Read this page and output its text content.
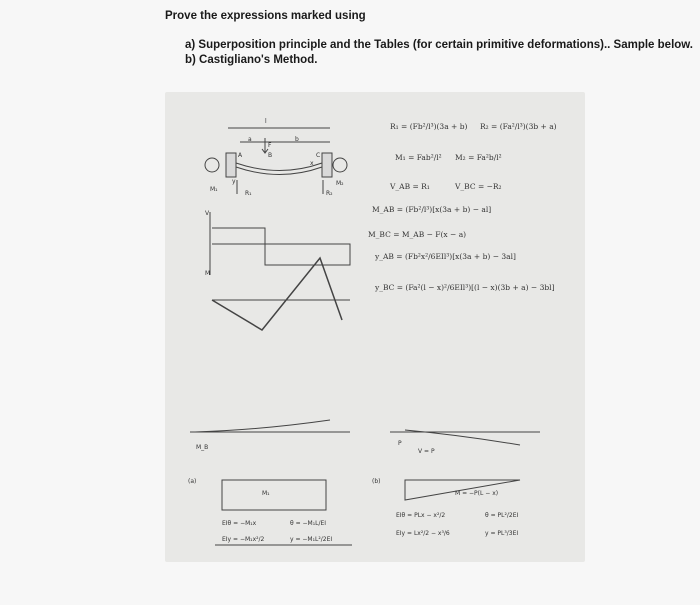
Prove the expressions marked using
a) Superposition principle and the Tables (for certain primitive deformations).. Sample below.
b) Castigliano's Method.
R₁ = (Fb²/l³)(3a + b) R₂ = (Fa²/l³)(3b + a)
M₁ = Fab²/l² M₂ = Fa²b/l²
V_AB = R₁	V_BC = −R₂
M_AB = (Fb²/l³)[x(3a + b) − al]
M_BC = M_AB − F(x − a)
y_AB = (Fb²x²/6EIl³)[x(3a + b) − 3al]
y_BC = (Fa²(l − x)²/6EIl³)[(l − x)(3b + a) − 3bl]
l
a	b
F
A	B	C
M₁
R₁	R₂
M₂
V
M
x
y
(a)	(b)
M_B
V = P
P
M₁
EIθ = −M₁x
EIy = −M₁x²/2
θ = −M₁L/EI
y = −M₁L²/2EI
M = −P(L − x)
EIθ = PLx − x²/2
EIy = Lx²/2 − x³/6
θ = PL²/2EI
y = PL³/3EI
